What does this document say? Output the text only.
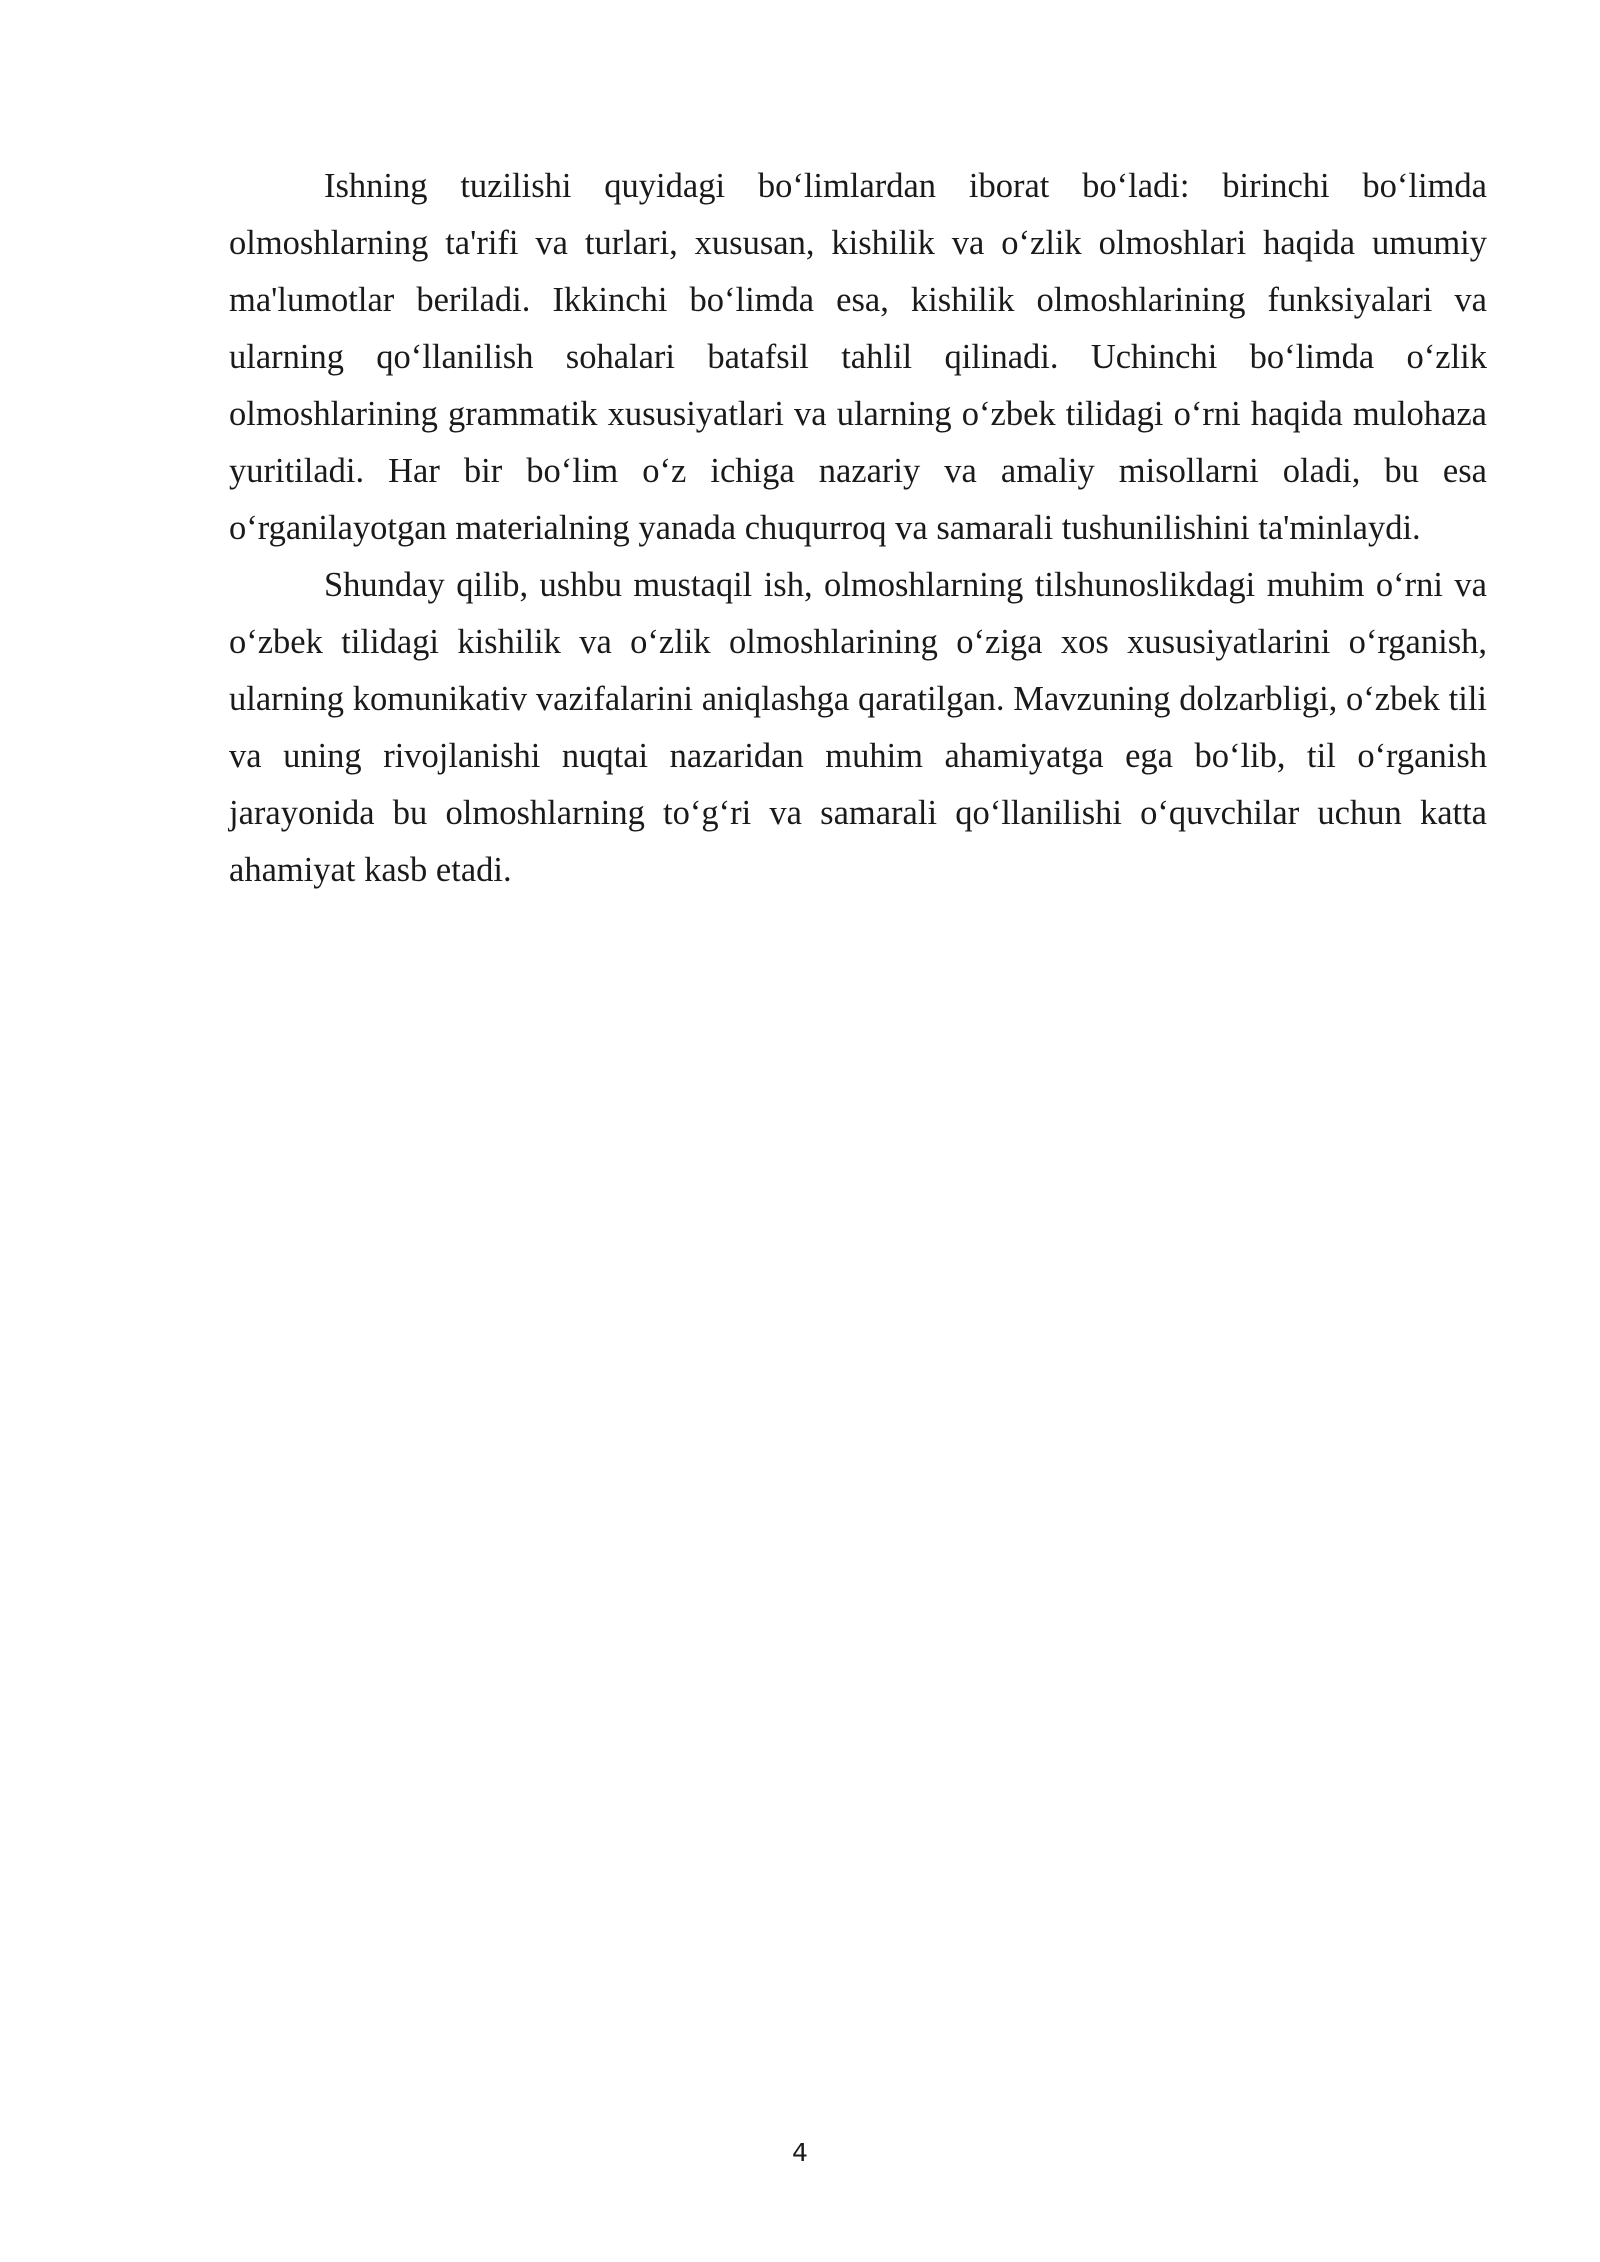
Ishning tuzilishi quyidagi boʻlimlardan iborat boʻladi: birinchi boʻlimda olmoshlarning ta'rifi va turlari, xususan, kishilik va oʻzlik olmoshlari haqida umumiy ma'lumotlar beriladi. Ikkinchi boʻlimda esa, kishilik olmoshlarining funksiyalari va ularning qoʻllanilish sohalari batafsil tahlil qilinadi. Uchinchi boʻlimda oʻzlik olmoshlarining grammatik xususiyatlari va ularning oʻzbek tilidagi oʻrni haqida mulohaza yuritiladi. Har bir boʻlim oʻz ichiga nazariy va amaliy misollarni oladi, bu esa oʻrganilayotgan materialning yanada chuqurroq va samarali tushunilishini ta'minlaydi.

Shunday qilib, ushbu mustaqil ish, olmoshlarning tilshunoslikdagi muhim oʻrni va oʻzbek tilidagi kishilik va oʻzlik olmoshlarining oʻziga xos xususiyatlarini oʻrganish, ularning komunikativ vazifalarini aniqlashga qaratilgan. Mavzuning dolzarbligi, oʻzbek tili va uning rivojlanishi nuqtai nazaridan muhim ahamiyatga ega boʻlib, til oʻrganish jarayonida bu olmoshlarning toʻgʻri va samarali qoʻllanilishi oʻquvchilar uchun katta ahamiyat kasb etadi.

4
